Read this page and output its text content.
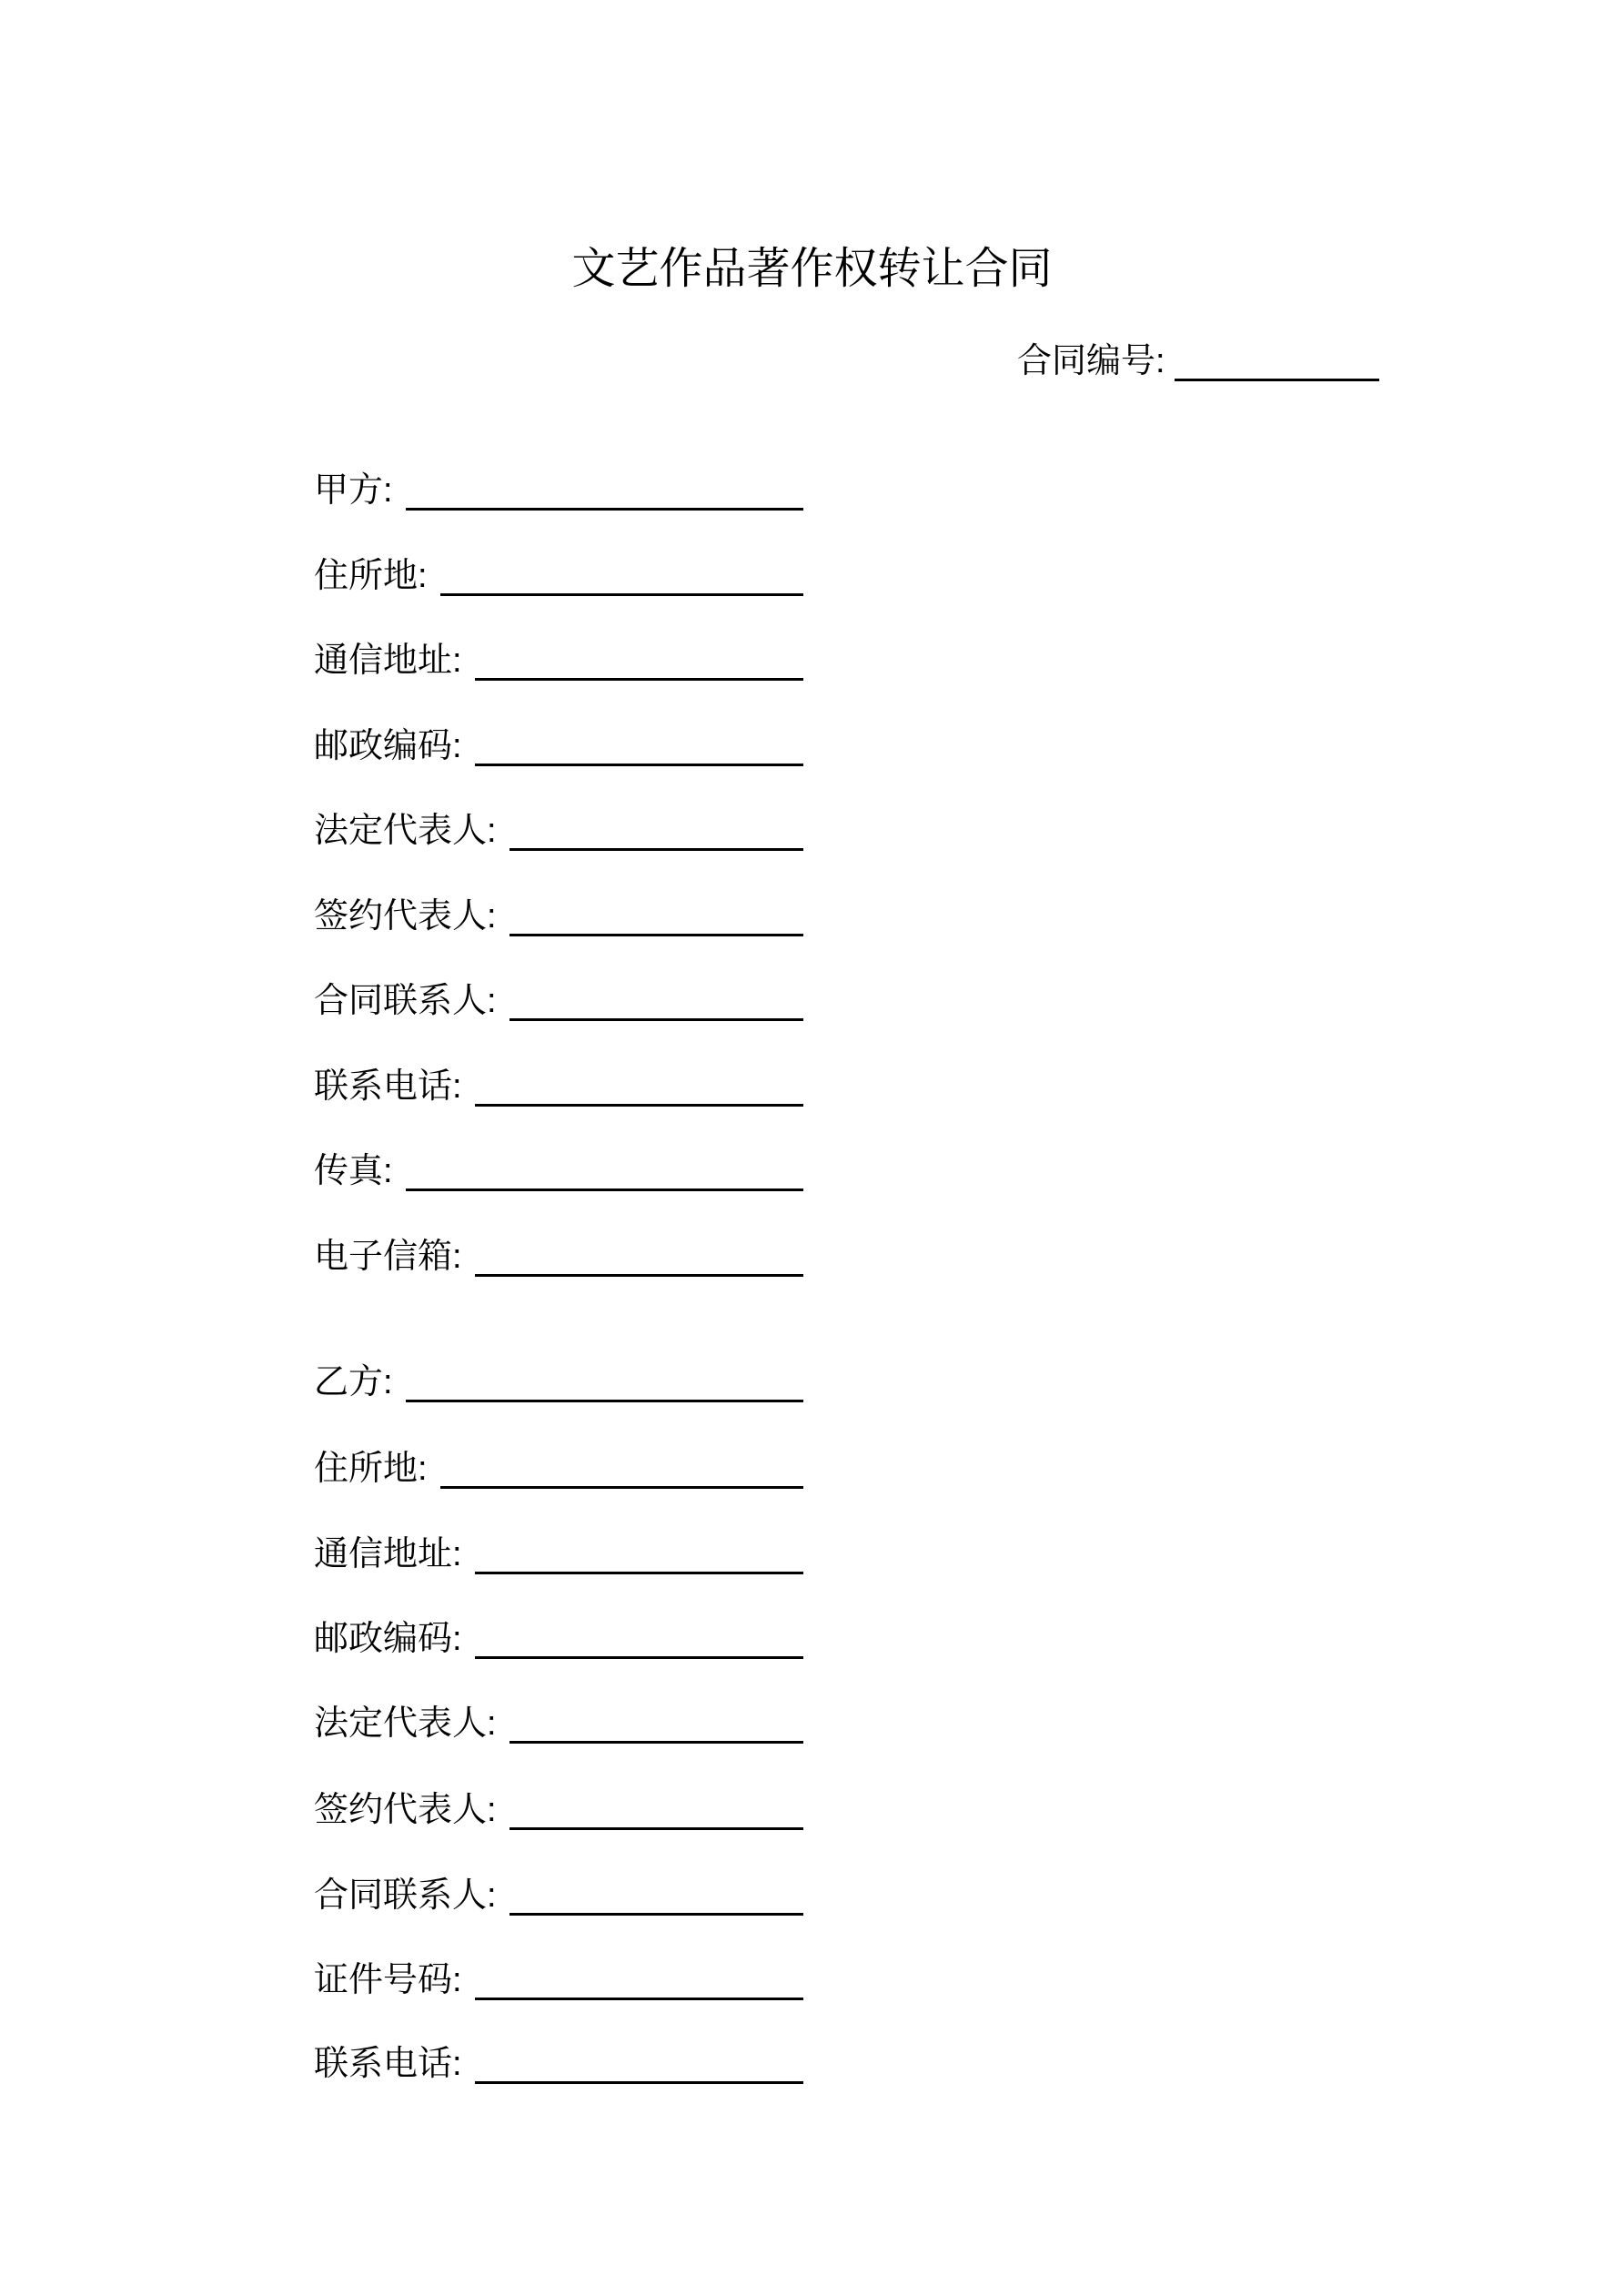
文艺作品著作权转让合同
合同编号:
甲方:
住所地:
通信地址:
邮政编码:
法定代表人:
签约代表人:
合同联系人:
联系电话:
传真:
电子信箱:
乙方:
住所地:
通信地址:
邮政编码:
法定代表人:
签约代表人:
合同联系人:
证件号码:
联系电话:
